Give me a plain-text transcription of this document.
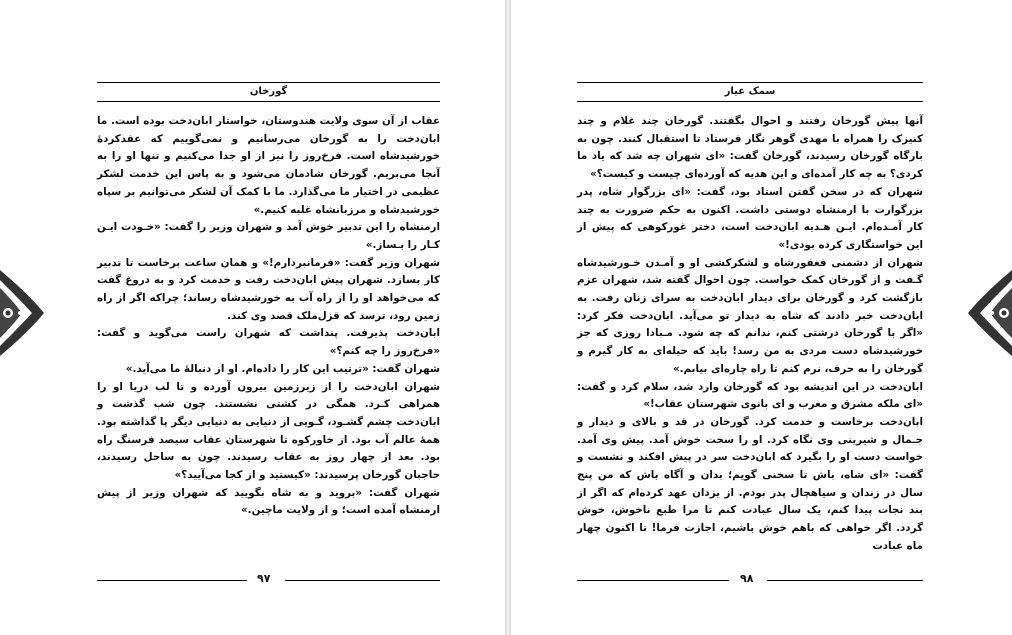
گورخان

عقاب از آن سوی ولایت هندوستان، خواستار ابان‌دخت بوده است. ما ابان‌دخت را به گورخان می‌رسانیم و نمی‌گوییم که عقدکردهٔ خورشیدشاه است. فرخ‌روز را نیز از او جدا می‌کنیم و تنها او را به آنجا می‌بریم. گورخان شادمان می‌شود و به پاس این خدمت لشکر عظیمی در اختیار ما می‌گذارد. ما با کمک آن لشکر می‌توانیم بر سپاه خورشیدشاه و مرزبانشاه غلبه کنیم.»

ارمنشاه را این تدبیر خوش آمد و شهران وزیر را گفت: «خـودت ایـن کـار را بـساز.»

شهران وزیر گفت: «فرمانبردارم!» و همان ساعت برخاست تا تدبیر کار بسازد. شهران پیش ابان‌دخت رفت و خدمت کرد و به دروغ گفت که می‌خواهد او را از راه آب به خورشیدشاه رساند؛ چراکه اگر از راه زمین رود، ترسد که قزل‌ملک قصد وی کند.

ابان‌دخت پذیرفت. پنداشت که شهران راست می‌گوید و گفت: «فرخ‌روز را چه کنم؟»

شهران گفت: «ترتیب این کار را داده‌ام. او از دنبالهٔ ما می‌آید.»

شهران ابان‌دخت را از زیرزمین بیرون آورده و تا لب دریا او را همراهی کـرد. همگی در کشتی نشستند. چون شب گذشت و ابان‌دخت چشم گشـود، گـویی از دنیایی به دنیایی دیگر پا گذاشته بود. همهٔ عالم آب بود. از خاورکوه تا شهرستان عقاب سیصد فرسنگ راه بود. بعد از چهار روز به عقاب رسیدند. چون به ساحل رسیدند، حاجبان گورخان پرسیدند: «کیستید و از کجا می‌آیید؟»

شهران گفت: «بروید و به شاه بگویید که شهران وزیر از پیش ارمنشاه آمده است؛ و از ولایت ماچین.»

۹۷
سمک عیار

آنها پیش گورخان رفتند و احوال بگفتند. گورخان چند غلام و چند کنیزک را همراه با مهدی گوهر نگار فرستاد تا استقبال کنند. چون به بارگاه گورخان رسیدند، گورخان گفت: «ای شهران چه شد که یاد ما کردی؟ به چه کار آمده‌ای و این هدیه که آورده‌ای چیست و کیست؟»

شهران که در سخن گفتن استاد بود، گفت: «ای بزرگوار شاه، پدر بزرگوارت با ارمنشاه دوستی داشت. اکنون به حکم ضرورت به چند کار آمـده‌ام. ایـن هـدیه ابان‌دخت است، دختر غورکوهی که پیش از این خواستگاری کرده بودی!»

شهران از دشمنی فغفورشاه و لشکرکشی او و آمـدن خـورشیدشاه گـفت و از گورخان کمک خواست. چون احوال گفته شد، شهران عزم بازگشت کرد و گورخان برای دیدار ابان‌دخت به سرای زنان رفت. به ابان‌دخت خبر دادند که شاه به دیدار تو می‌آید. ابان‌دخت فکر کرد: «اگر با گورخان درشتی کنم، ندانم که چه شود. مـبادا روزی که جز خورشیدشاه دست مردی به من رسد! باید که حیله‌ای به کار گیرم و گورخان را به حرف، نرم کنم تا راه چاره‌ای بیابم.»

ابان‌دخت در این اندیشه بود که گورخان وارد شد، سلام کرد و گفت: «ای ملکه مشرق و مغرب و ای بانوی شهرستان عقاب!»

ابان‌دخت برخاست و خدمت کرد. گورخان در قد و بالای و دیدار و جـمال و شیرینی وی نگاه کرد. او را سخت خوش آمد. پیش وی آمد. خواست دست او را بگیرد که ابان‌دخت سر در پیش افکند و نشست و گفت: «ای شاه، باش تا سخنی گویم؛ بدان و آگاه باش که من پنج سال در زندان و سیاهچال پدر بودم. از یزدان عهد کرده‌ام که اگر از بند نجات پیدا کنم، یک سال عبادت کنم تا مرا طبع ناخوش، خوش گردد. اگر خواهی که باهم خوش باشیم، اجازت فرما! تا اکنون چهار ماه عبادت

۹۸
